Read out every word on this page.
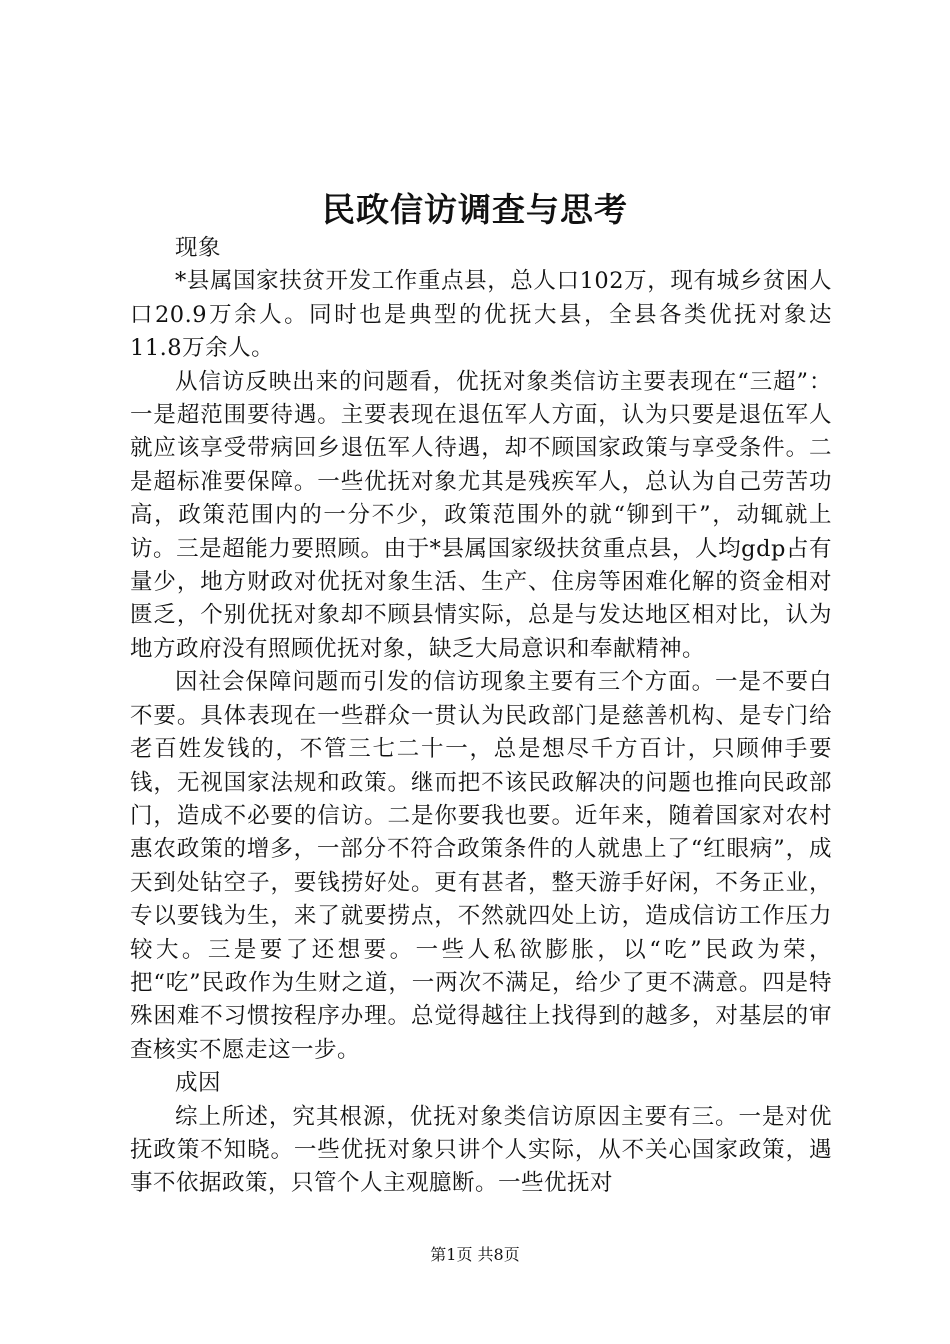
民政信访调查与思考

现象

*县属国家扶贫开发工作重点县，总人口102万，现有城乡贫困人口20.9万余人。同时也是典型的优抚大县，全县各类优抚对象达11.8万余人。

从信访反映出来的问题看，优抚对象类信访主要表现在“三超”：一是超范围要待遇。主要表现在退伍军人方面，认为只要是退伍军人就应该享受带病回乡退伍军人待遇，却不顾国家政策与享受条件。二是超标准要保障。一些优抚对象尤其是残疾军人，总认为自己劳苦功高，政策范围内的一分不少，政策范围外的就“铆到干”，动辄就上访。三是超能力要照顾。由于*县属国家级扶贫重点县，人均gdp占有量少，地方财政对优抚对象生活、生产、住房等困难化解的资金相对匮乏，个别优抚对象却不顾县情实际，总是与发达地区相对比，认为地方政府没有照顾优抚对象，缺乏大局意识和奉献精神。

因社会保障问题而引发的信访现象主要有三个方面。一是不要白不要。具体表现在一些群众一贯认为民政部门是慈善机构、是专门给老百姓发钱的，不管三七二十一，总是想尽千方百计，只顾伸手要钱，无视国家法规和政策。继而把不该民政解决的问题也推向民政部门，造成不必要的信访。二是你要我也要。近年来，随着国家对农村惠农政策的增多，一部分不符合政策条件的人就患上了“红眼病”，成天到处钻空子，要钱捞好处。更有甚者，整天游手好闲，不务正业，专以要钱为生，来了就要捞点，不然就四处上访，造成信访工作压力较大。三是要了还想要。一些人私欲膨胀，以“吃”民政为荣，把“吃”民政作为生财之道，一两次不满足，给少了更不满意。四是特殊困难不习惯按程序办理。总觉得越往上找得到的越多，对基层的审查核实不愿走这一步。

成因

综上所述，究其根源，优抚对象类信访原因主要有三。一是对优抚政策不知晓。一些优抚对象只讲个人实际，从不关心国家政策，遇事不依据政策，只管个人主观臆断。一些优抚对

第1页 共8页
